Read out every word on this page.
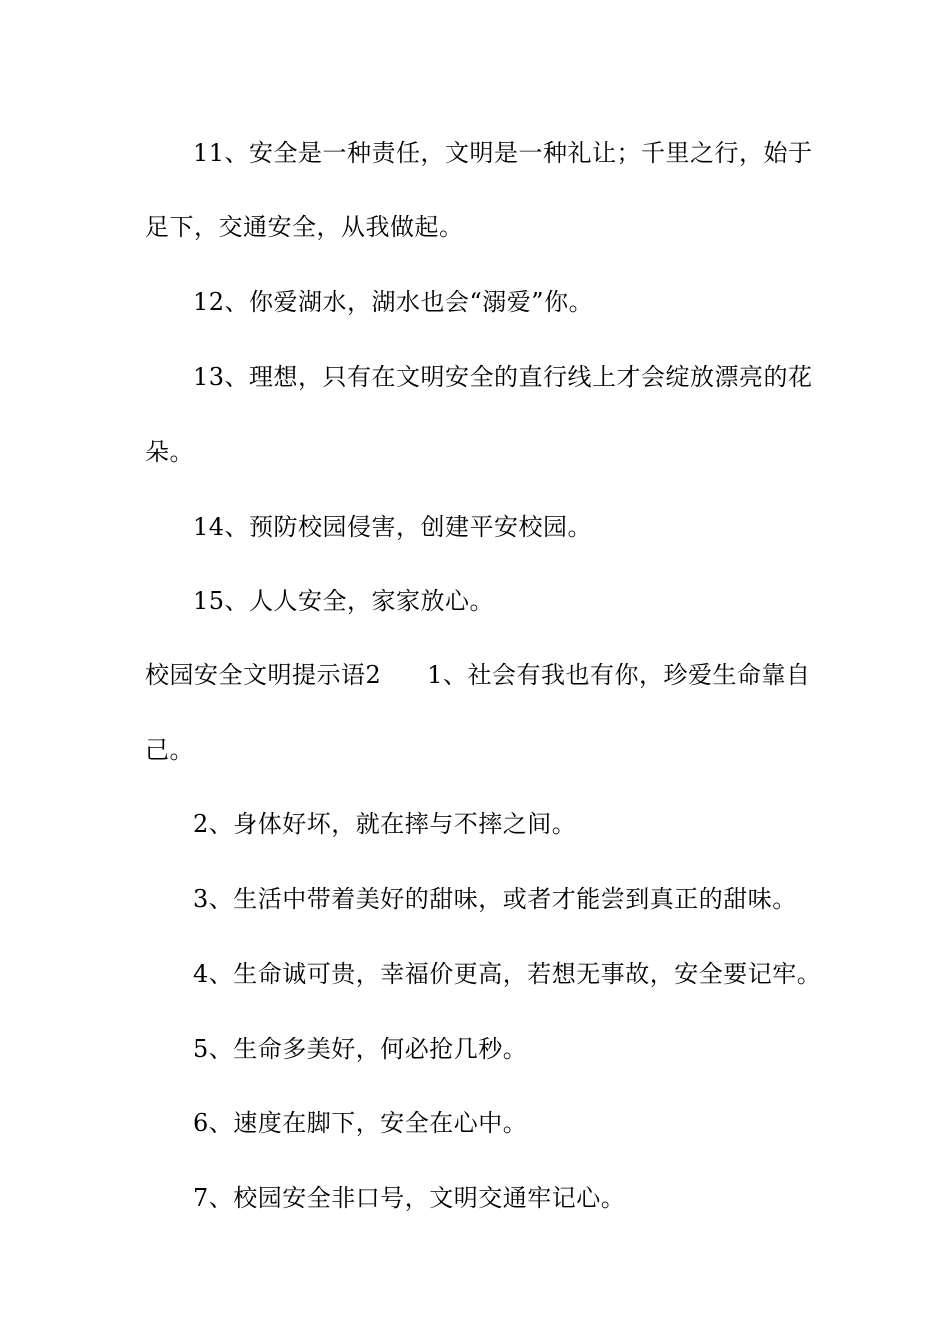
11、安全是一种责任，文明是一种礼让；千里之行，始于
足下，交通安全，从我做起。
12、你爱湖水，湖水也会“溺爱”你。
13、理想，只有在文明安全的直行线上才会绽放漂亮的花
朵。
14、预防校园侵害，创建平安校园。
15、人人安全，家家放心。
校园安全文明提示语2 1、社会有我也有你，珍爱生命靠自
己。
2、身体好坏，就在摔与不摔之间。
3、生活中带着美好的甜味，或者才能尝到真正的甜味。
4、生命诚可贵，幸福价更高，若想无事故，安全要记牢。
5、生命多美好，何必抢几秒。
6、速度在脚下，安全在心中。
7、校园安全非口号，文明交通牢记心。
